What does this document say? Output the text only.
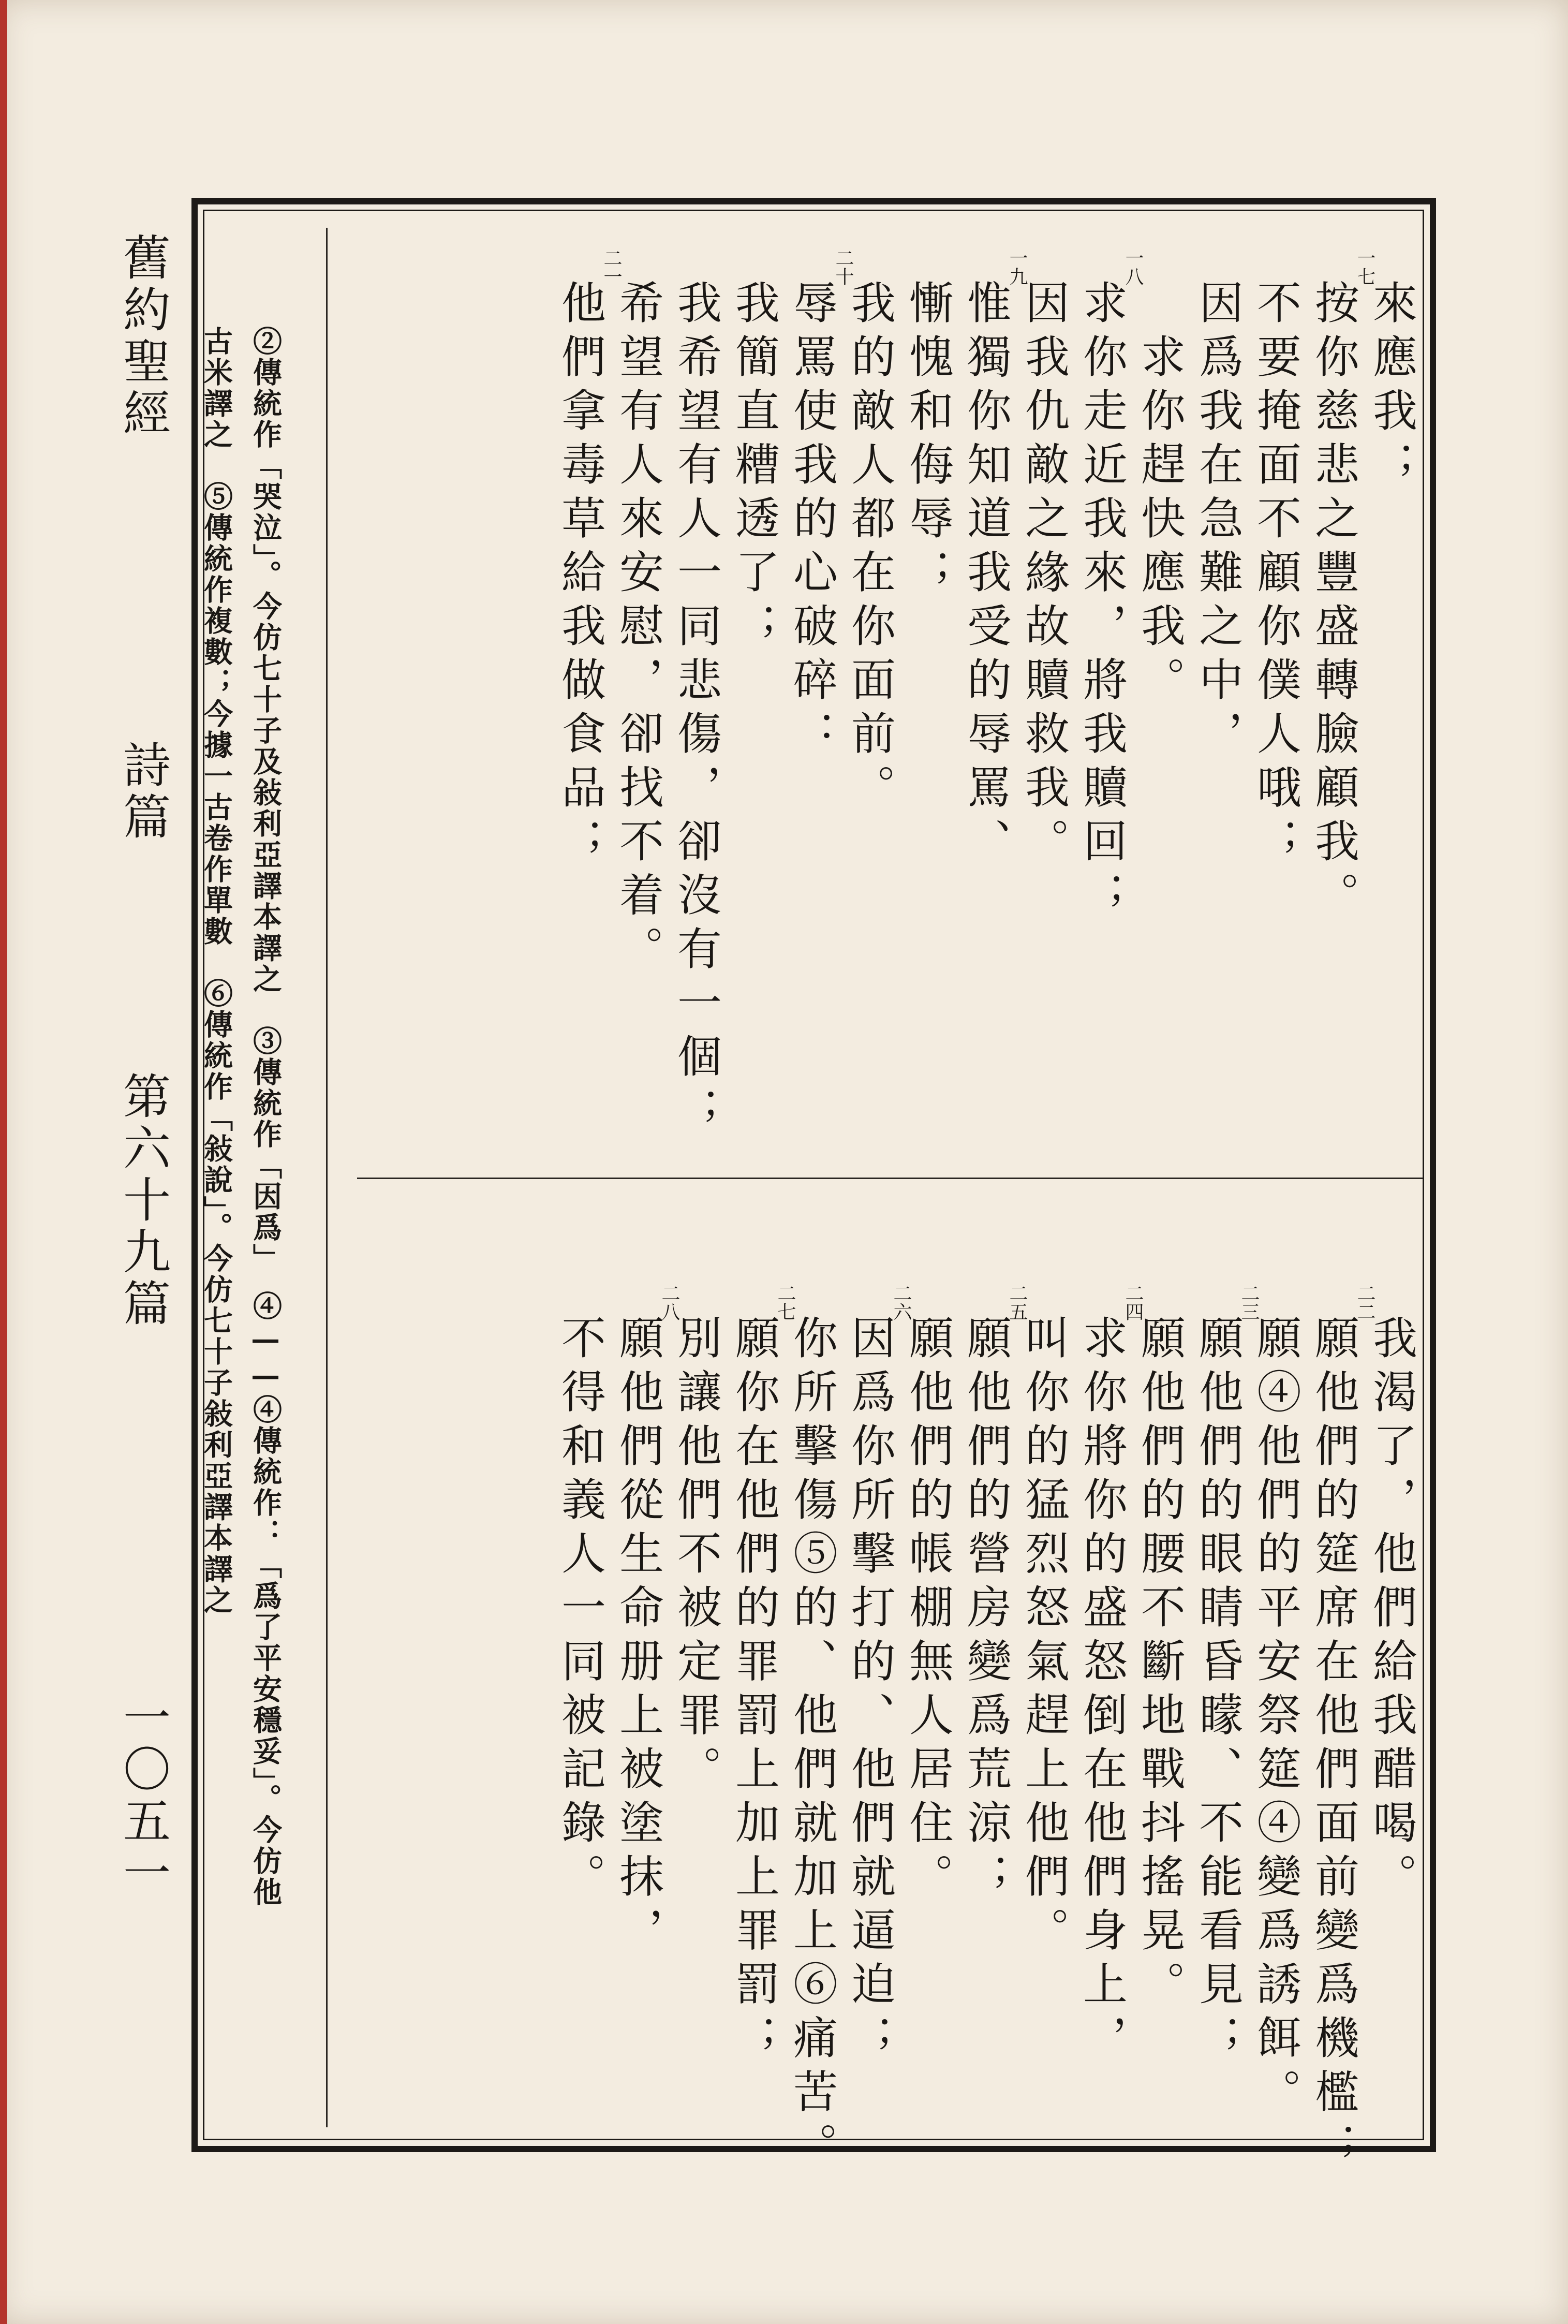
舊約聖經
詩篇
第六十九篇
一〇五一
來應我；
按你慈悲之豐盛轉臉顧我。
一七
不要掩面不顧你僕人哦；
因爲我在急難之中，
　求你趕快應我。
求你走近我來，將我贖回；
一八
因我仇敵之緣故贖救我。
惟獨你知道我受的辱罵、
一九
慚愧和侮辱；
我的敵人都在你面前。
辱罵使我的心破碎：
二十
我簡直糟透了；
我希望有人一同悲傷，卻沒有一個；
希望有人來安慰，卻找不着。
他們拿毒草給我做食品；
二一
我渴了，他們給我醋喝。
願他們的筵席在他們面前變爲機檻；
二二
願④他們的平安祭筵④變爲誘餌。
願他們的眼睛昏矇、不能看見；
二三
願他們的腰不斷地戰抖搖晃。
求你將你的盛怒倒在他們身上，
二四
叫你的猛烈怒氣趕上他們。
願他們的營房變爲荒涼；
二五
願他們的帳棚無人居住。
因爲你所擊打的、他們就逼迫；
二六
你所擊傷⑤的、他們就加上⑥痛苦。
願你在他們的罪罰上加上罪罰；
二七
別讓他們不被定罪。
願他們從生命册上被塗抹，
二八
不得和義人一同被記錄。
②傳統作「哭泣」。今仿七十子及敍利亞譯本譯之　③傳統作「因爲」　④——④傳統作：「爲了平安穩妥」。今仿他
古米譯之　⑤傳統作複數；今據一古卷作單數　⑥傳統作「敍說」。今仿七十子敍利亞譯本譯之
